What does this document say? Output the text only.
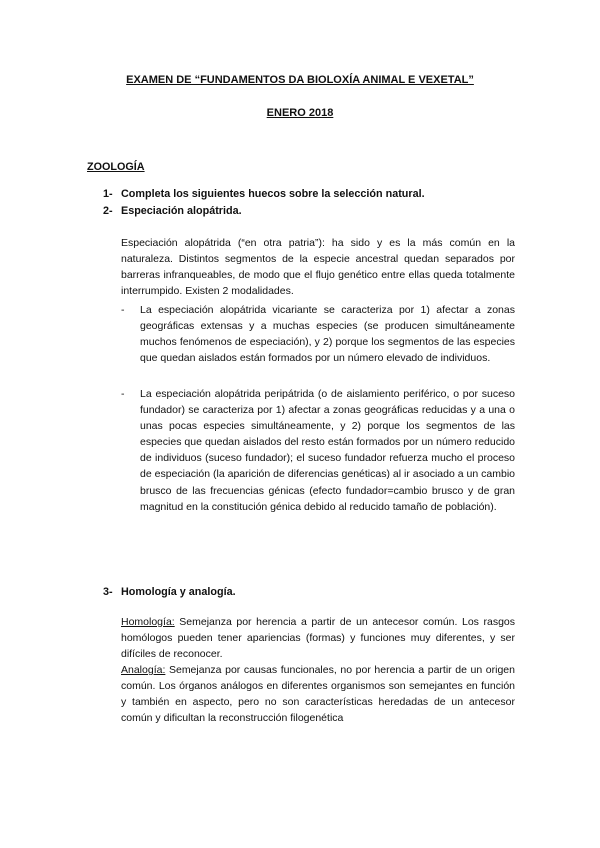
EXAMEN DE “FUNDAMENTOS DA BIOLOXÍA ANIMAL E VEXETAL”
ENERO 2018
ZOOLOGÍA
1- Completa los siguientes huecos sobre la selección natural.
2- Especiación alopátrida.
Especiación alopátrida (“en otra patria”): ha sido y es la más común en la naturaleza. Distintos segmentos de la especie ancestral quedan separados por barreras infranqueables, de modo que el flujo genético entre ellas queda totalmente interrumpido. Existen 2 modalidades.
-	La especiación alopátrida vicariante se caracteriza por 1) afectar a zonas geográficas extensas y a muchas especies (se producen simultáneamente muchos fenómenos de especiación), y 2) porque los segmentos de las especies que quedan aislados están formados por un número elevado de individuos.
-	La especiación alopátrida peripátrida (o de aislamiento periférico, o por suceso fundador) se caracteriza por 1) afectar a zonas geográficas reducidas y a una o unas pocas especies simultáneamente, y 2) porque los segmentos de las especies que quedan aislados del resto están formados por un número reducido de individuos (suceso fundador); el suceso fundador refuerza mucho el proceso de especiación (la aparición de diferencias genéticas) al ir asociado a un cambio brusco de las frecuencias génicas (efecto fundador=cambio brusco y de gran magnitud en la constitución génica debido al reducido tamaño de población).
3- Homología y analogía.
Homología: Semejanza por herencia a partir de un antecesor común. Los rasgos homólogos pueden tener apariencias (formas) y funciones muy diferentes, y ser difíciles de reconocer.
Analogía: Semejanza por causas funcionales, no por herencia a partir de un origen común. Los órganos análogos en diferentes organismos son semejantes en función y también en aspecto, pero no son características heredadas de un antecesor común y dificultan la reconstrucción filogenética
